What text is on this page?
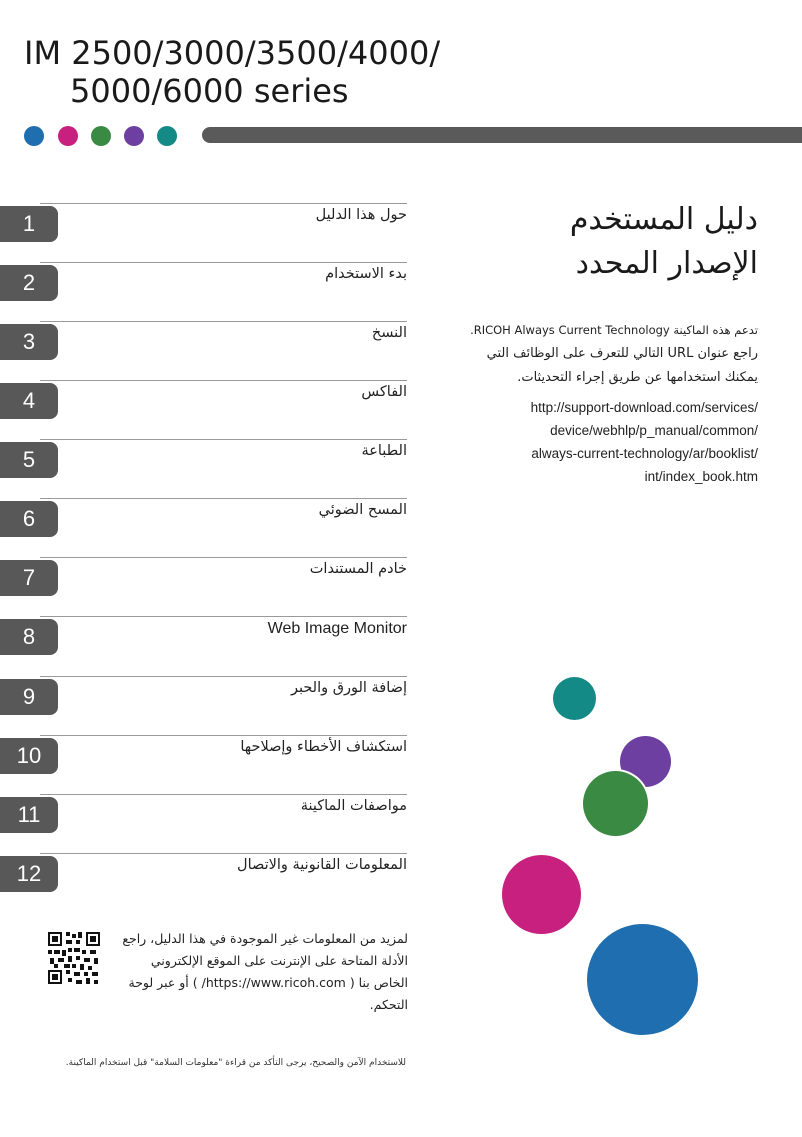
IM 2500/3000/3500/4000/
5000/6000 series
دليل المستخدم
الإصدار المحدد
تدعم هذه الماكينة RICOH Always Current Technology.
راجع عنوان URL التالي للتعرف على الوظائف التي
يمكنك استخدامها عن طريق إجراء التحديثات.
http://support-download.com/services/
device/webhlp/p_manual/common/
always-current-technology/ar/booklist/
int/index_book.htm
1	حول هذا الدليل
2	بدء الاستخدام
3	النسخ
4	الفاكس
5	الطباعة
6	المسح الضوئي
7	خادم المستندات
8	Web Image Monitor
9	إضافة الورق والحبر
10	استكشاف الأخطاء وإصلاحها
11	مواصفات الماكينة
12	المعلومات القانونية والاتصال
لمزيد من المعلومات غير الموجودة في هذا الدليل، راجع
الأدلة المتاحة على الإنترنت على الموقع الإلكتروني
الخاص بنا ( https://www.ricoh.com/ ) أو عبر لوحة
التحكم.
للاستخدام الآمن والصحيح، يرجى التأكد من قراءة "معلومات السلامة" قبل استخدام الماكينة.
